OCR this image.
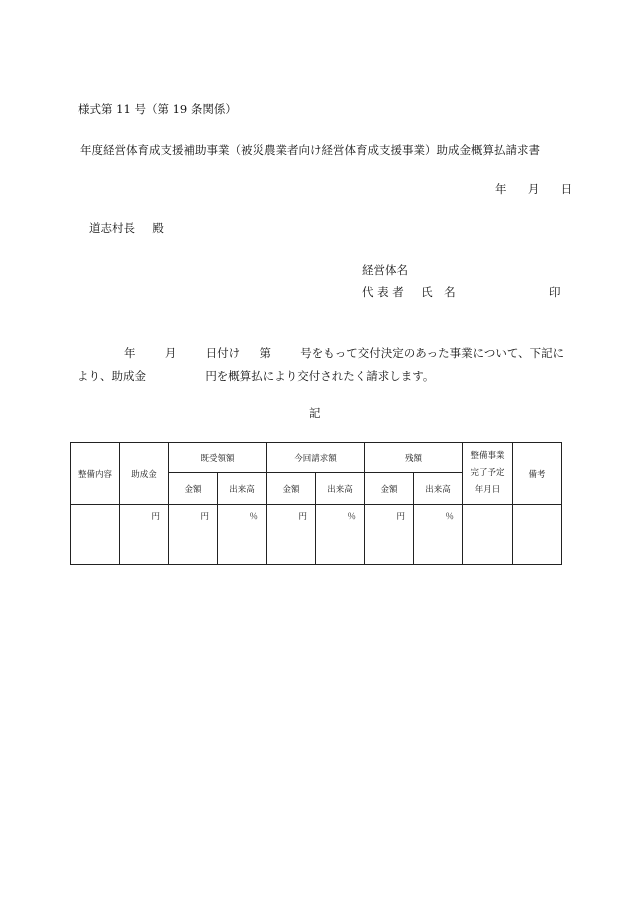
様式第 11 号（第 19 条関係）
年度経営体育成支援補助事業（被災農業者向け経営体育成支援事業）助成金概算払請求書
年 月 日
道志村長 殿
経営体名
代 表 者 氏　名	印
年	月	日付け 第	号をもって交付決定のあった事業について、下記に
より、助成金	円を概算払により交付されたく請求します。
記
整備内容	助成金	既受領額		今回請求額		残額		整備事業
完了予定
年月日	備考
		金額	出来高	金額	出来高	金額	出来高		
	円	円	％	円	％	円	％		
